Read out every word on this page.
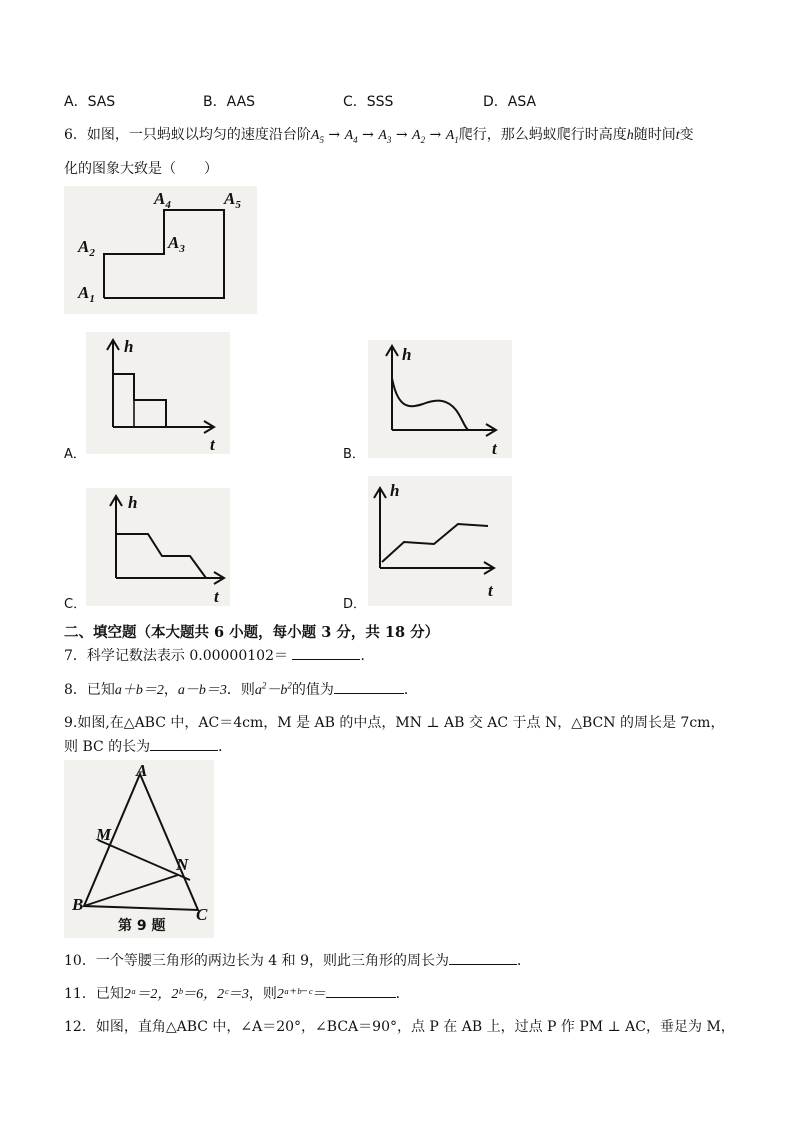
A．SAS	B．AAS	C．SSS	D．ASA
6．如图，一只蚂蚁以均匀的速度沿台阶$A_5 \to A_4 \to A_3 \to A_2 \to A_1$爬行，那么蚂蚁爬行时高度h随时间t变
化的图象大致是（　　）
$A_1$
$A_2$
$A_3$
$A_4$	$A_5$
h
t
A．
h
t
B．
h
t
C．
h
t
D．
二、填空题（本大题共 6 小题，每小题 3 分，共 18 分）
7．科学记数法表示 0.00000102＝	．
8．已知a＋b＝2，a－b＝3．则$a^2-b^2$的值为	．
9.如图,在△ABC 中，AC＝4cm，M 是 AB 的中点，MN ⊥ AB 交 AC 于点 N，△BCN 的周长是 7cm，
则 BC 的长为	．
A
M
N
B
C
第 9 题
10．一个等腰三角形的两边长为 4 和 9，则此三角形的周长为	．
11．已知2ᵃ＝2，2ᵇ＝6，2ᶜ＝3，则2ᵃ⁺ᵇ⁻ᶜ＝	．
12．如图，直角△ABC 中，∠A＝20°，∠BCA＝90°，点 P 在 AB 上，过点 P 作 PM ⊥ AC，垂足为 M，
